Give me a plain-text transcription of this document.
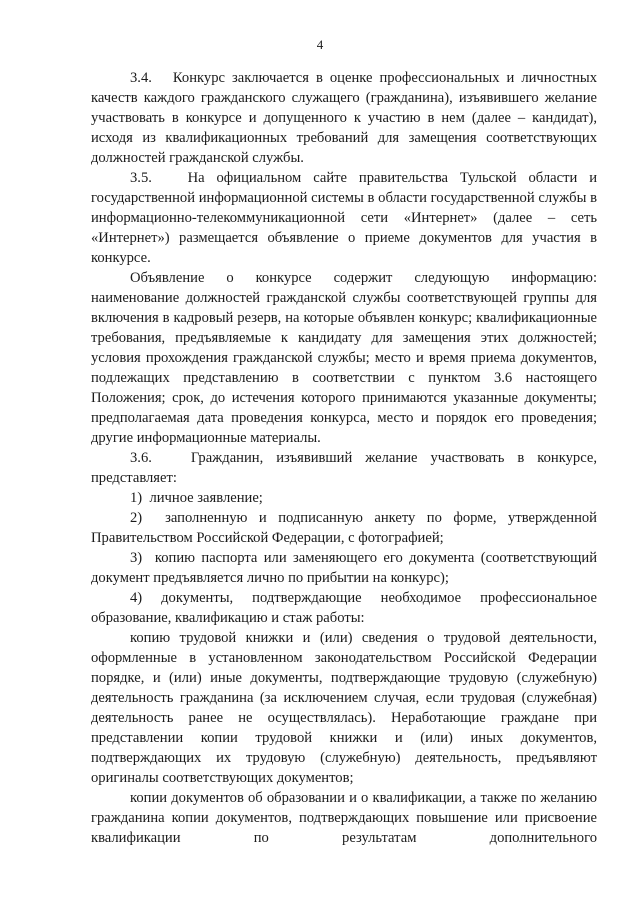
4

3.4.   Конкурс заключается в оценке профессиональных и личностных качеств каждого гражданского служащего (гражданина), изъявившего желание участвовать в конкурсе и допущенного к участию в нем (далее – кандидат), исходя из квалификационных требований для замещения соответствующих должностей гражданской службы.

3.5.   На официальном сайте правительства Тульской области и государственной информационной системы в области государственной службы в информационно-телекоммуникационной сети «Интернет» (далее – сеть «Интернет») размещается объявление о приеме документов для участия в конкурсе.

Объявление о конкурсе содержит следующую информацию: наименование должностей гражданской службы соответствующей группы для включения в кадровый резерв, на которые объявлен конкурс; квалификационные требования, предъявляемые к кандидату для замещения этих должностей; условия прохождения гражданской службы; место и время приема документов, подлежащих представлению в соответствии с пунктом 3.6 настоящего Положения; срок, до истечения которого принимаются указанные документы; предполагаемая дата проведения конкурса, место и порядок его проведения; другие информационные материалы.

3.6.   Гражданин, изъявивший желание участвовать в конкурсе, представляет:

1)  личное заявление;

2)  заполненную и подписанную анкету по форме, утвержденной Правительством Российской Федерации, с фотографией;

3)  копию паспорта или заменяющего его документа (соответствующий документ предъявляется лично по прибытии на конкурс);

4) документы, подтверждающие необходимое профессиональное образование, квалификацию и стаж работы:

копию трудовой книжки и (или) сведения о трудовой деятельности, оформленные в установленном законодательством Российской Федерации порядке, и (или) иные документы, подтверждающие трудовую (служебную) деятельность гражданина (за исключением случая, если трудовая (служебная) деятельность ранее не осуществлялась). Неработающие граждане при представлении копии трудовой книжки и (или) иных документов, подтверждающих их трудовую (служебную) деятельность, предъявляют оригиналы соответствующих документов;

копии документов об образовании и о квалификации, а также по желанию гражданина копии документов, подтверждающих повышение или присвоение квалификации по результатам дополнительного
